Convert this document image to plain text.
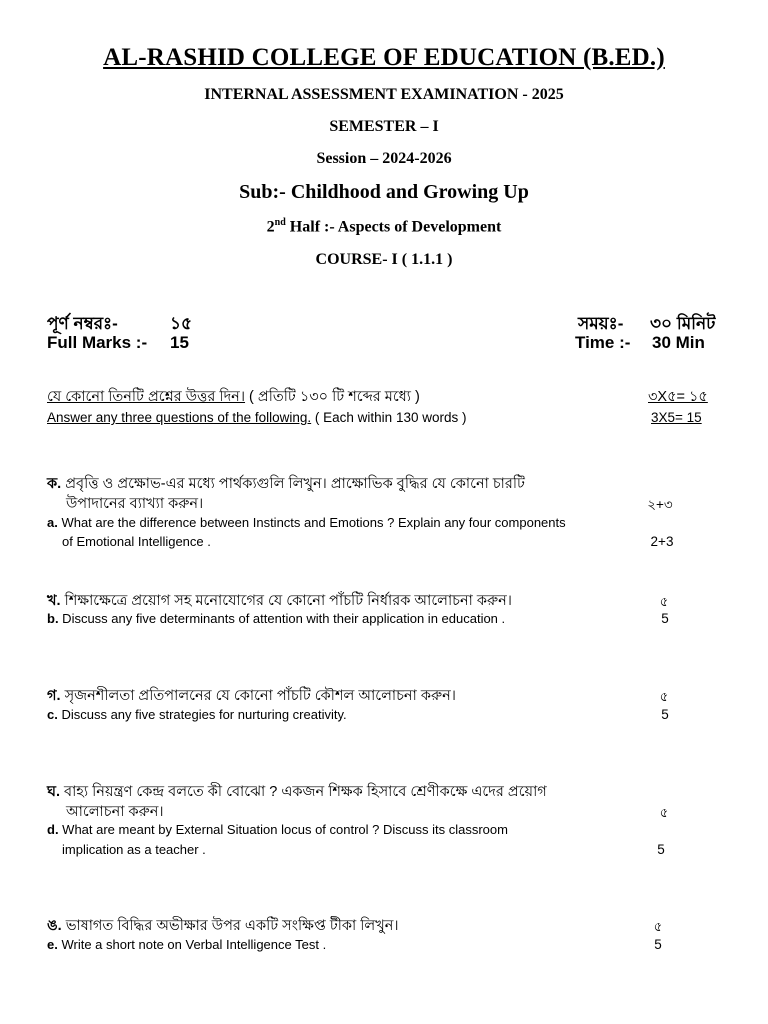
AL-RASHID COLLEGE OF EDUCATION (B.ED.)
INTERNAL ASSESSMENT EXAMINATION - 2025
SEMESTER – I
Session – 2024-2026
Sub:- Childhood and Growing Up
2nd Half :- Aspects of Development
COURSE- I ( 1.1.1 )
পূর্ণ নম্বরঃ-	১৫	সময়ঃ- ৩০ মিনিট
Full Marks :- 15	Time :- 30 Min
যে কোনো তিনটি প্রশ্নের উত্তর দিন। ( প্রতিটি ১৩০ টি শব্দের মধ্যে )	৩X৫= ১৫
Answer any three questions of the following. ( Each within 130 words )	3X5= 15
ক. প্রবৃত্তি ও প্রক্ষোভ-এর মধ্যে পার্থক্যগুলি লিখুন। প্রাক্ষোভিক বুদ্ধির যে কোনো চারটি
উপাদানের ব্যাখ্যা করুন।	২+৩
a. What are the difference between Instincts and Emotions ? Explain any four components
of Emotional Intelligence .	2+3
খ. শিক্ষাক্ষেত্রে প্রয়োগ সহ মনোযোগের যে কোনো পাঁচটি নির্ধারক আলোচনা করুন।	৫
b. Discuss any five determinants of attention with their application in education .	5
গ. সৃজনশীলতা প্রতিপালনের যে কোনো পাঁচটি কৌশল আলোচনা করুন।	৫
c. Discuss any five strategies for nurturing creativity.	5
ঘ. বাহ্য নিয়ন্ত্রণ কেন্দ্র বলতে কী বোঝো ? একজন শিক্ষক হিসাবে শ্রেণীকক্ষে এদের প্রয়োগ
আলোচনা করুন।	৫
d. What are meant by External Situation locus of control ? Discuss its classroom
implication as a teacher .	5
ঙ. ভাষাগত বিদ্ধির অভীক্ষার উপর একটি সংক্ষিপ্ত টীকা লিখুন।	৫
e. Write a short note on Verbal Intelligence Test .	5
